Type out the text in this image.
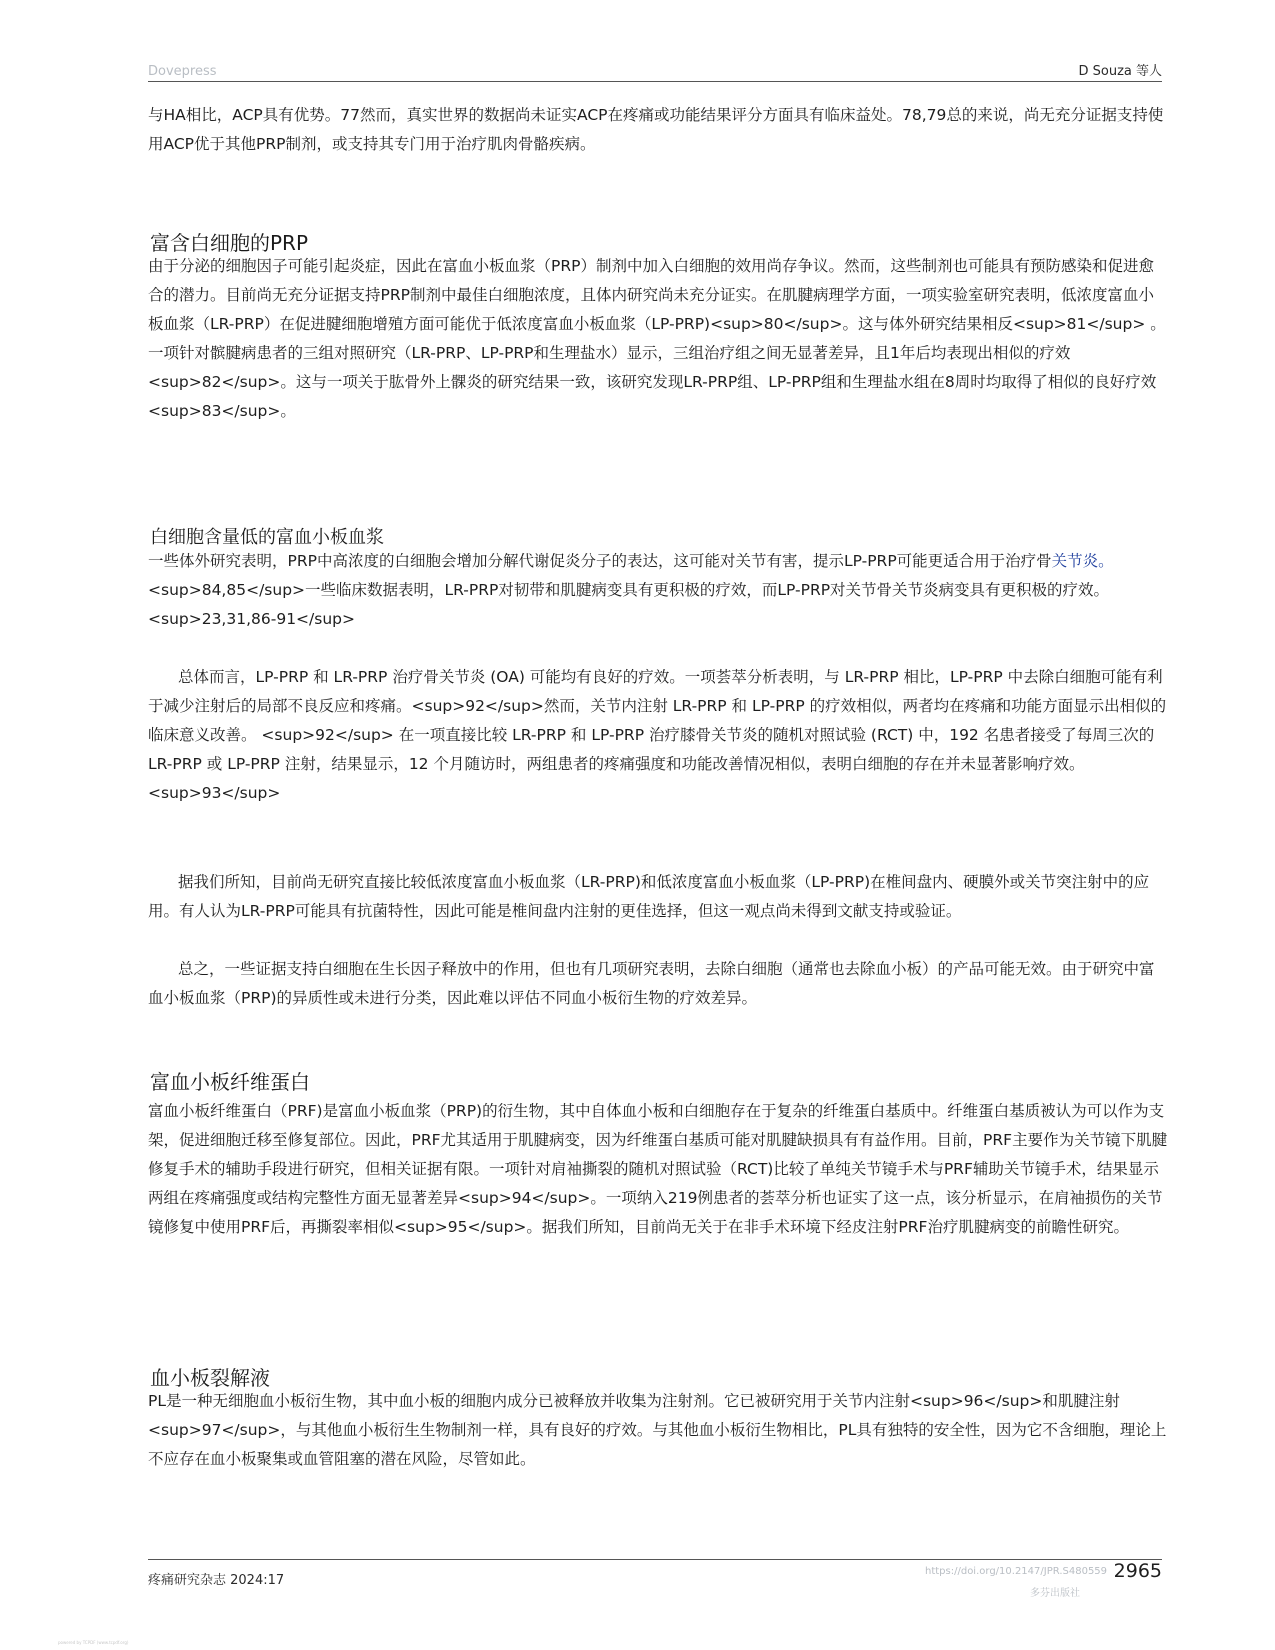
Dovepress	D Souza 等人

与HA相比，ACP具有优势。77然而，真实世界的数据尚未证实ACP在疼痛或功能结果评分方面具有临床益处。78,79总的来说，尚无充分证据支持使用ACP优于其他PRP制剂，或支持其专门用于治疗肌肉骨骼疾病。

富含白细胞的PRP

由于分泌的细胞因子可能引起炎症，因此在富血小板血浆（PRP）制剂中加入白细胞的效用尚存争议。然而，这些制剂也可能具有预防感染和促进愈合的潜力。目前尚无充分证据支持PRP制剂中最佳白细胞浓度，且体内研究尚未充分证实。在肌腱病理学方面，一项实验室研究表明，低浓度富血小板血浆（LR-PRP）在促进腱细胞增殖方面可能优于低浓度富血小板血浆（LP-PRP)<sup>80</sup>。这与体外研究结果相反<sup>81</sup> 。一项针对髌腱病患者的三组对照研究（LR-PRP、LP-PRP和生理盐水）显示，三组治疗组之间无显著差异，且1年后均表现出相似的疗效<sup>82</sup>。这与一项关于肱骨外上髁炎的研究结果一致，该研究发现LR-PRP组、LP-PRP组和生理盐水组在8周时均取得了相似的良好疗效<sup>83</sup>。

白细胞含量低的富血小板血浆

一些体外研究表明，PRP中高浓度的白细胞会增加分解代谢促炎分子的表达，这可能对关节有害，提示LP-PRP可能更适合用于治疗骨关节炎。<sup>84,85</sup>一些临床数据表明，LR-PRP对韧带和肌腱病变具有更积极的疗效，而LP-PRP对关节骨关节炎病变具有更积极的疗效。<sup>23,31,86-91</sup>

总体而言，LP-PRP 和 LR-PRP 治疗骨关节炎 (OA) 可能均有良好的疗效。一项荟萃分析表明，与 LR-PRP 相比，LP-PRP 中去除白细胞可能有利于减少注射后的局部不良反应和疼痛。<sup>92</sup>然而，关节内注射 LR-PRP 和 LP-PRP 的疗效相似，两者均在疼痛和功能方面显示出相似的临床意义改善。 <sup>92</sup> 在一项直接比较 LR-PRP 和 LP-PRP 治疗膝骨关节炎的随机对照试验 (RCT) 中，192 名患者接受了每周三次的 LR-PRP 或 LP-PRP 注射，结果显示，12 个月随访时，两组患者的疼痛强度和功能改善情况相似，表明白细胞的存在并未显著影响疗效。<sup>93</sup>

据我们所知，目前尚无研究直接比较低浓度富血小板血浆（LR-PRP)和低浓度富血小板血浆（LP-PRP)在椎间盘内、硬膜外或关节突注射中的应用。有人认为LR-PRP可能具有抗菌特性，因此可能是椎间盘内注射的更佳选择，但这一观点尚未得到文献支持或验证。

总之，一些证据支持白细胞在生长因子释放中的作用，但也有几项研究表明，去除白细胞（通常也去除血小板）的产品可能无效。由于研究中富血小板血浆（PRP)的异质性或未进行分类，因此难以评估不同血小板衍生物的疗效差异。

富血小板纤维蛋白

富血小板纤维蛋白（PRF)是富血小板血浆（PRP)的衍生物，其中自体血小板和白细胞存在于复杂的纤维蛋白基质中。纤维蛋白基质被认为可以作为支架，促进细胞迁移至修复部位。因此，PRF尤其适用于肌腱病变，因为纤维蛋白基质可能对肌腱缺损具有有益作用。目前，PRF主要作为关节镜下肌腱修复手术的辅助手段进行研究，但相关证据有限。一项针对肩袖撕裂的随机对照试验（RCT)比较了单纯关节镜手术与PRF辅助关节镜手术，结果显示两组在疼痛强度或结构完整性方面无显著差异<sup>94</sup>。一项纳入219例患者的荟萃分析也证实了这一点，该分析显示，在肩袖损伤的关节镜修复中使用PRF后，再撕裂率相似<sup>95</sup>。据我们所知，目前尚无关于在非手术环境下经皮注射PRF治疗肌腱病变的前瞻性研究。

血小板裂解液

PL是一种无细胞血小板衍生物，其中血小板的细胞内成分已被释放并收集为注射剂。它已被研究用于关节内注射<sup>96</sup>和肌腱注射<sup>97</sup>，与其他血小板衍生生物制剂一样，具有良好的疗效。与其他血小板衍生物相比，PL具有独特的安全性，因为它不含细胞，理论上不应存在血小板聚集或血管阻塞的潜在风险，尽管如此。

疼痛研究杂志 2024:17
https://doi.org/10.2147/JPR.S480559
多芬出版社
2965
powered by TCPDF (www.tcpdf.org)
